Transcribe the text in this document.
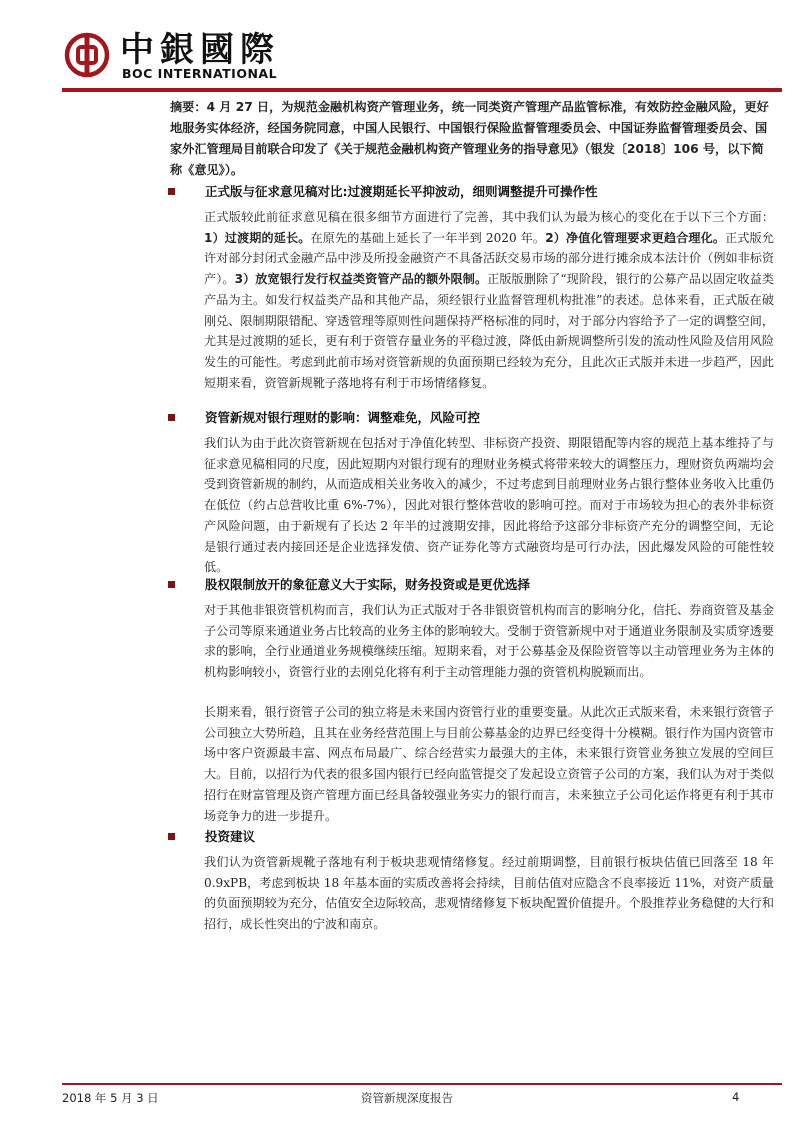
中銀國際
BOC INTERNATIONAL
摘要：4 月 27 日，为规范金融机构资产管理业务，统一同类资产管理产品监管标准，有效防控金融风险，更好地服务实体经济，经国务院同意，中国人民银行、中国银行保险监督管理委员会、中国证券监督管理委员会、国家外汇管理局目前联合印发了《关于规范金融机构资产管理业务的指导意见》（银发〔2018〕106 号，以下简称《意见》）。
正式版与征求意见稿对比:过渡期延长平抑波动，细则调整提升可操作性
正式版较此前征求意见稿在很多细节方面进行了完善，其中我们认为最为核心的变化在于以下三个方面：1）过渡期的延长。在原先的基础上延长了一年半到 2020 年。2）净值化管理要求更趋合理化。正式版允许对部分封闭式金融产品中涉及所投金融资产不具备活跃交易市场的部分进行摊余成本法计价（例如非标资产）。3）放宽银行发行权益类资管产品的额外限制。正版版删除了“现阶段，银行的公募产品以固定收益类产品为主。如发行权益类产品和其他产品，须经银行业监督管理机构批准”的表述。总体来看，正式版在破刚兑、限制期限错配、穿透管理等原则性问题保持严格标准的同时，对于部分内容给予了一定的调整空间，尤其是过渡期的延长，更有利于资管存量业务的平稳过渡，降低由新规调整所引发的流动性风险及信用风险发生的可能性。考虑到此前市场对资管新规的负面预期已经较为充分，且此次正式版并未进一步趋严，因此短期来看，资管新规靴子落地将有利于市场情绪修复。
资管新规对银行理财的影响：调整难免，风险可控
我们认为由于此次资管新规在包括对于净值化转型、非标资产投资、期限错配等内容的规范上基本维持了与征求意见稿相同的尺度，因此短期内对银行现有的理财业务模式将带来较大的调整压力，理财资负两端均会受到资管新规的制约，从而造成相关业务收入的减少，不过考虑到目前理财业务占银行整体业务收入比重仍在低位（约占总营收比重 6%-7%），因此对银行整体营收的影响可控。而对于市场较为担心的表外非标资产风险问题，由于新规有了长达 2 年半的过渡期安排，因此将给予这部分非标资产充分的调整空间，无论是银行通过表内接回还是企业选择发债、资产证券化等方式融资均是可行办法，因此爆发风险的可能性较低。
股权限制放开的象征意义大于实际，财务投资或是更优选择
对于其他非银资管机构而言，我们认为正式版对于各非银资管机构而言的影响分化，信托、券商资管及基金子公司等原来通道业务占比较高的业务主体的影响较大。受制于资管新规中对于通道业务限制及实质穿透要求的影响，全行业通道业务规模继续压缩。短期来看，对于公募基金及保险资管等以主动管理业务为主体的机构影响较小，资管行业的去刚兑化将有利于主动管理能力强的资管机构脱颖而出。
长期来看，银行资管子公司的独立将是未来国内资管行业的重要变量。从此次正式版来看，未来银行资管子公司独立大势所趋，且其在业务经营范围上与目前公募基金的边界已经变得十分模糊。银行作为国内资管市场中客户资源最丰富、网点布局最广、综合经营实力最强大的主体，未来银行资管业务独立发展的空间巨大。目前，以招行为代表的很多国内银行已经向监管提交了发起设立资管子公司的方案，我们认为对于类似招行在财富管理及资产管理方面已经具备较强业务实力的银行而言，未来独立子公司化运作将更有利于其市场竞争力的进一步提升。
投资建议
我们认为资管新规靴子落地有利于板块悲观情绪修复。经过前期调整，目前银行板块估值已回落至 18 年 0.9xPB，考虑到板块 18 年基本面的实质改善将会持续，目前估值对应隐含不良率接近 11%，对资产质量的负面预期较为充分，估值安全边际较高，悲观情绪修复下板块配置价值提升。个股推荐业务稳健的大行和招行，成长性突出的宁波和南京。
2018 年 5 月 3 日	资管新规深度报告	4
